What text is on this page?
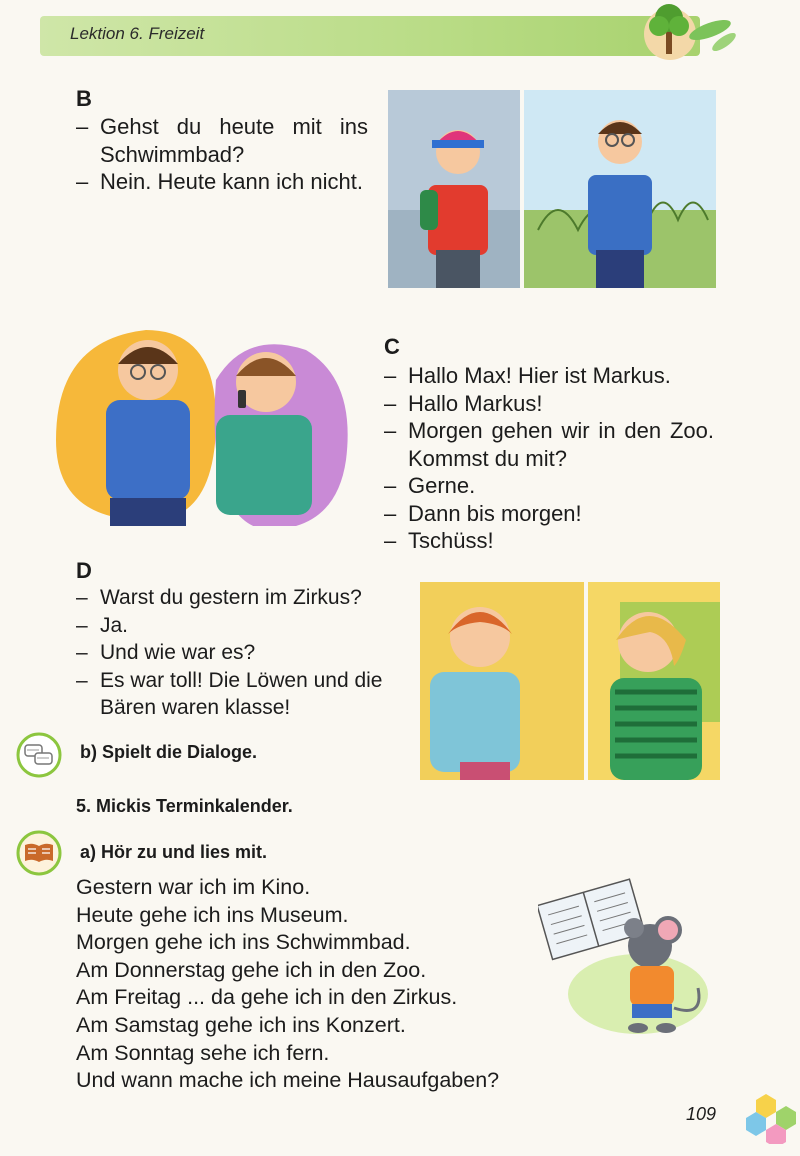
Lektion 6. Freizeit
B
– Gehst du heute mit ins Schwimmbad?
– Nein. Heute kann ich nicht.
C
– Hallo Max! Hier ist Markus.
– Hallo Markus!
– Morgen gehen wir in den Zoo. Kommst du mit?
– Gerne.
– Dann bis morgen!
– Tschüss!
D
– Warst du gestern im Zirkus?
– Ja.
– Und wie war es?
– Es war toll! Die Löwen und die Bären waren klasse!
b) Spielt die Dialoge.
5. Mickis Terminkalender.
a) Hör zu und lies mit.
Gestern war ich im Kino.
Heute gehe ich ins Museum.
Morgen gehe ich ins Schwimmbad.
Am Donnerstag gehe ich in den Zoo.
Am Freitag ... da gehe ich in den Zirkus.
Am Samstag gehe ich ins Konzert.
Am Sonntag sehe ich fern.
Und wann mache ich meine Hausaufgaben?
109
